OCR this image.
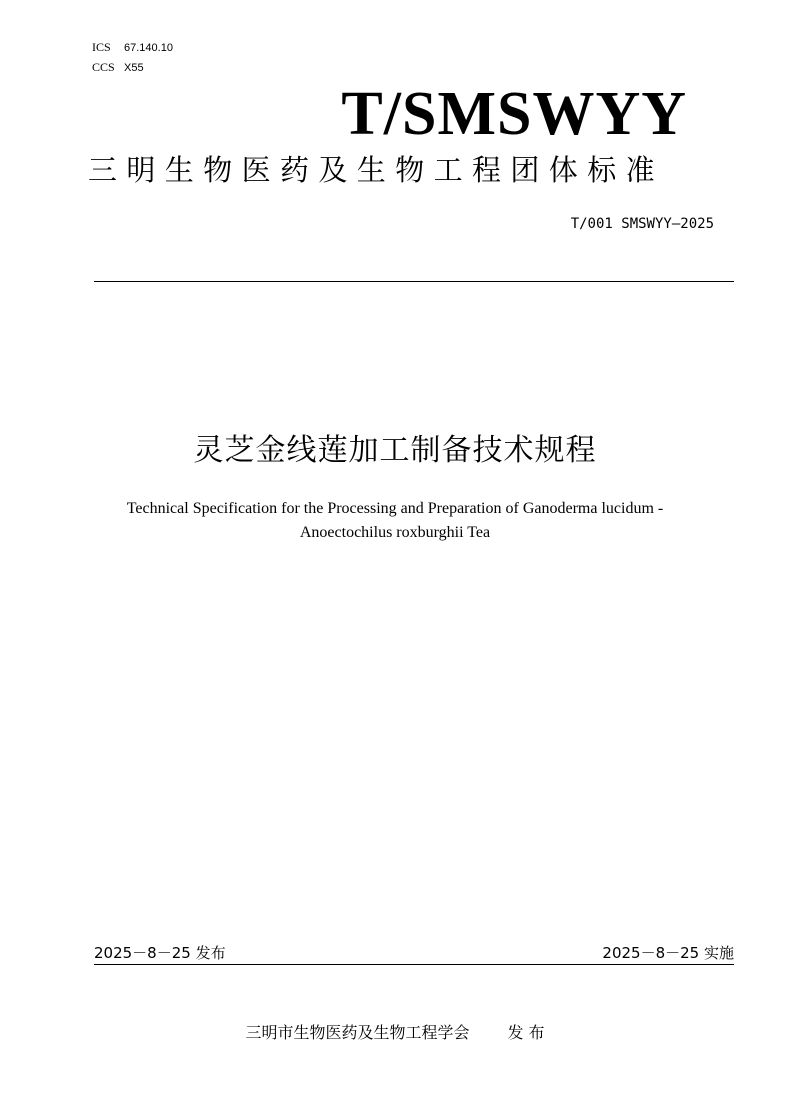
ICS 67.140.10
CCS X55
T/SMSWYY
三明生物医药及生物工程团体标准
T/001 SMSWYY—2025
灵芝金线莲加工制备技术规程
Technical Specification for the Processing and Preparation of Ganoderma lucidum -
Anoectochilus roxburghii Tea
2025－8－25 发布	2025－8－25 实施
三明市生物医药及生物工程学会 发 布
